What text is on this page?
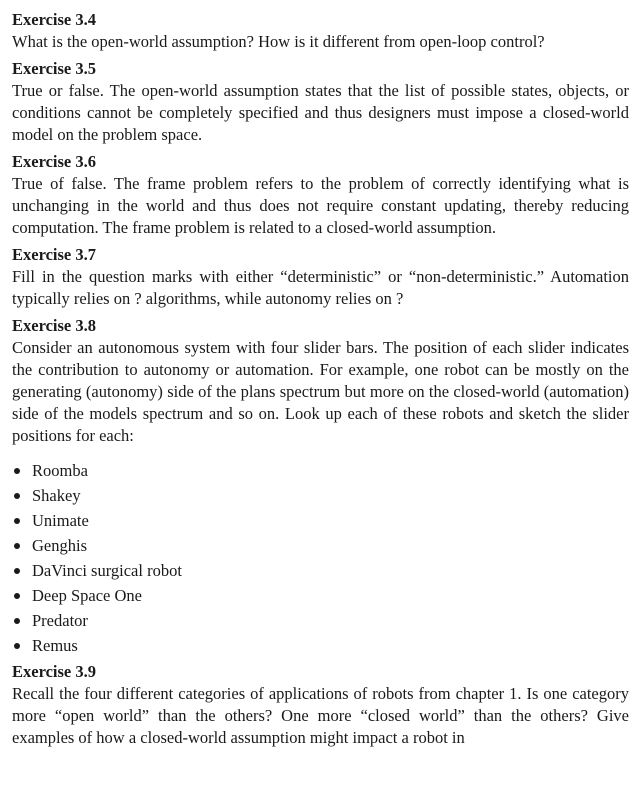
Exercise 3.4

What is the open-world assumption? How is it different from open-loop control?

Exercise 3.5

True or false. The open-world assumption states that the list of possible states, objects, or conditions cannot be completely specified and thus designers must impose a closed-world model on the problem space.

Exercise 3.6

True of false. The frame problem refers to the problem of correctly identifying what is unchanging in the world and thus does not require constant updating, thereby reducing computation. The frame problem is related to a closed-world assumption.

Exercise 3.7

Fill in the question marks with either “deterministic” or “non-deterministic.” Automation typically relies on ? algorithms, while autonomy relies on ?

Exercise 3.8

Consider an autonomous system with four slider bars. The position of each slider indicates the contribution to autonomy or automation. For example, one robot can be mostly on the generating (autonomy) side of the plans spectrum but more on the closed-world (automation) side of the models spectrum and so on. Look up each of these robots and sketch the slider positions for each:

Roomba
Shakey
Unimate
Genghis
DaVinci surgical robot
Deep Space One
Predator
Remus
Exercise 3.9

Recall the four different categories of applications of robots from chapter 1. Is one category more “open world” than the others? One more “closed world” than the others? Give examples of how a closed-world assumption might impact a robot in
